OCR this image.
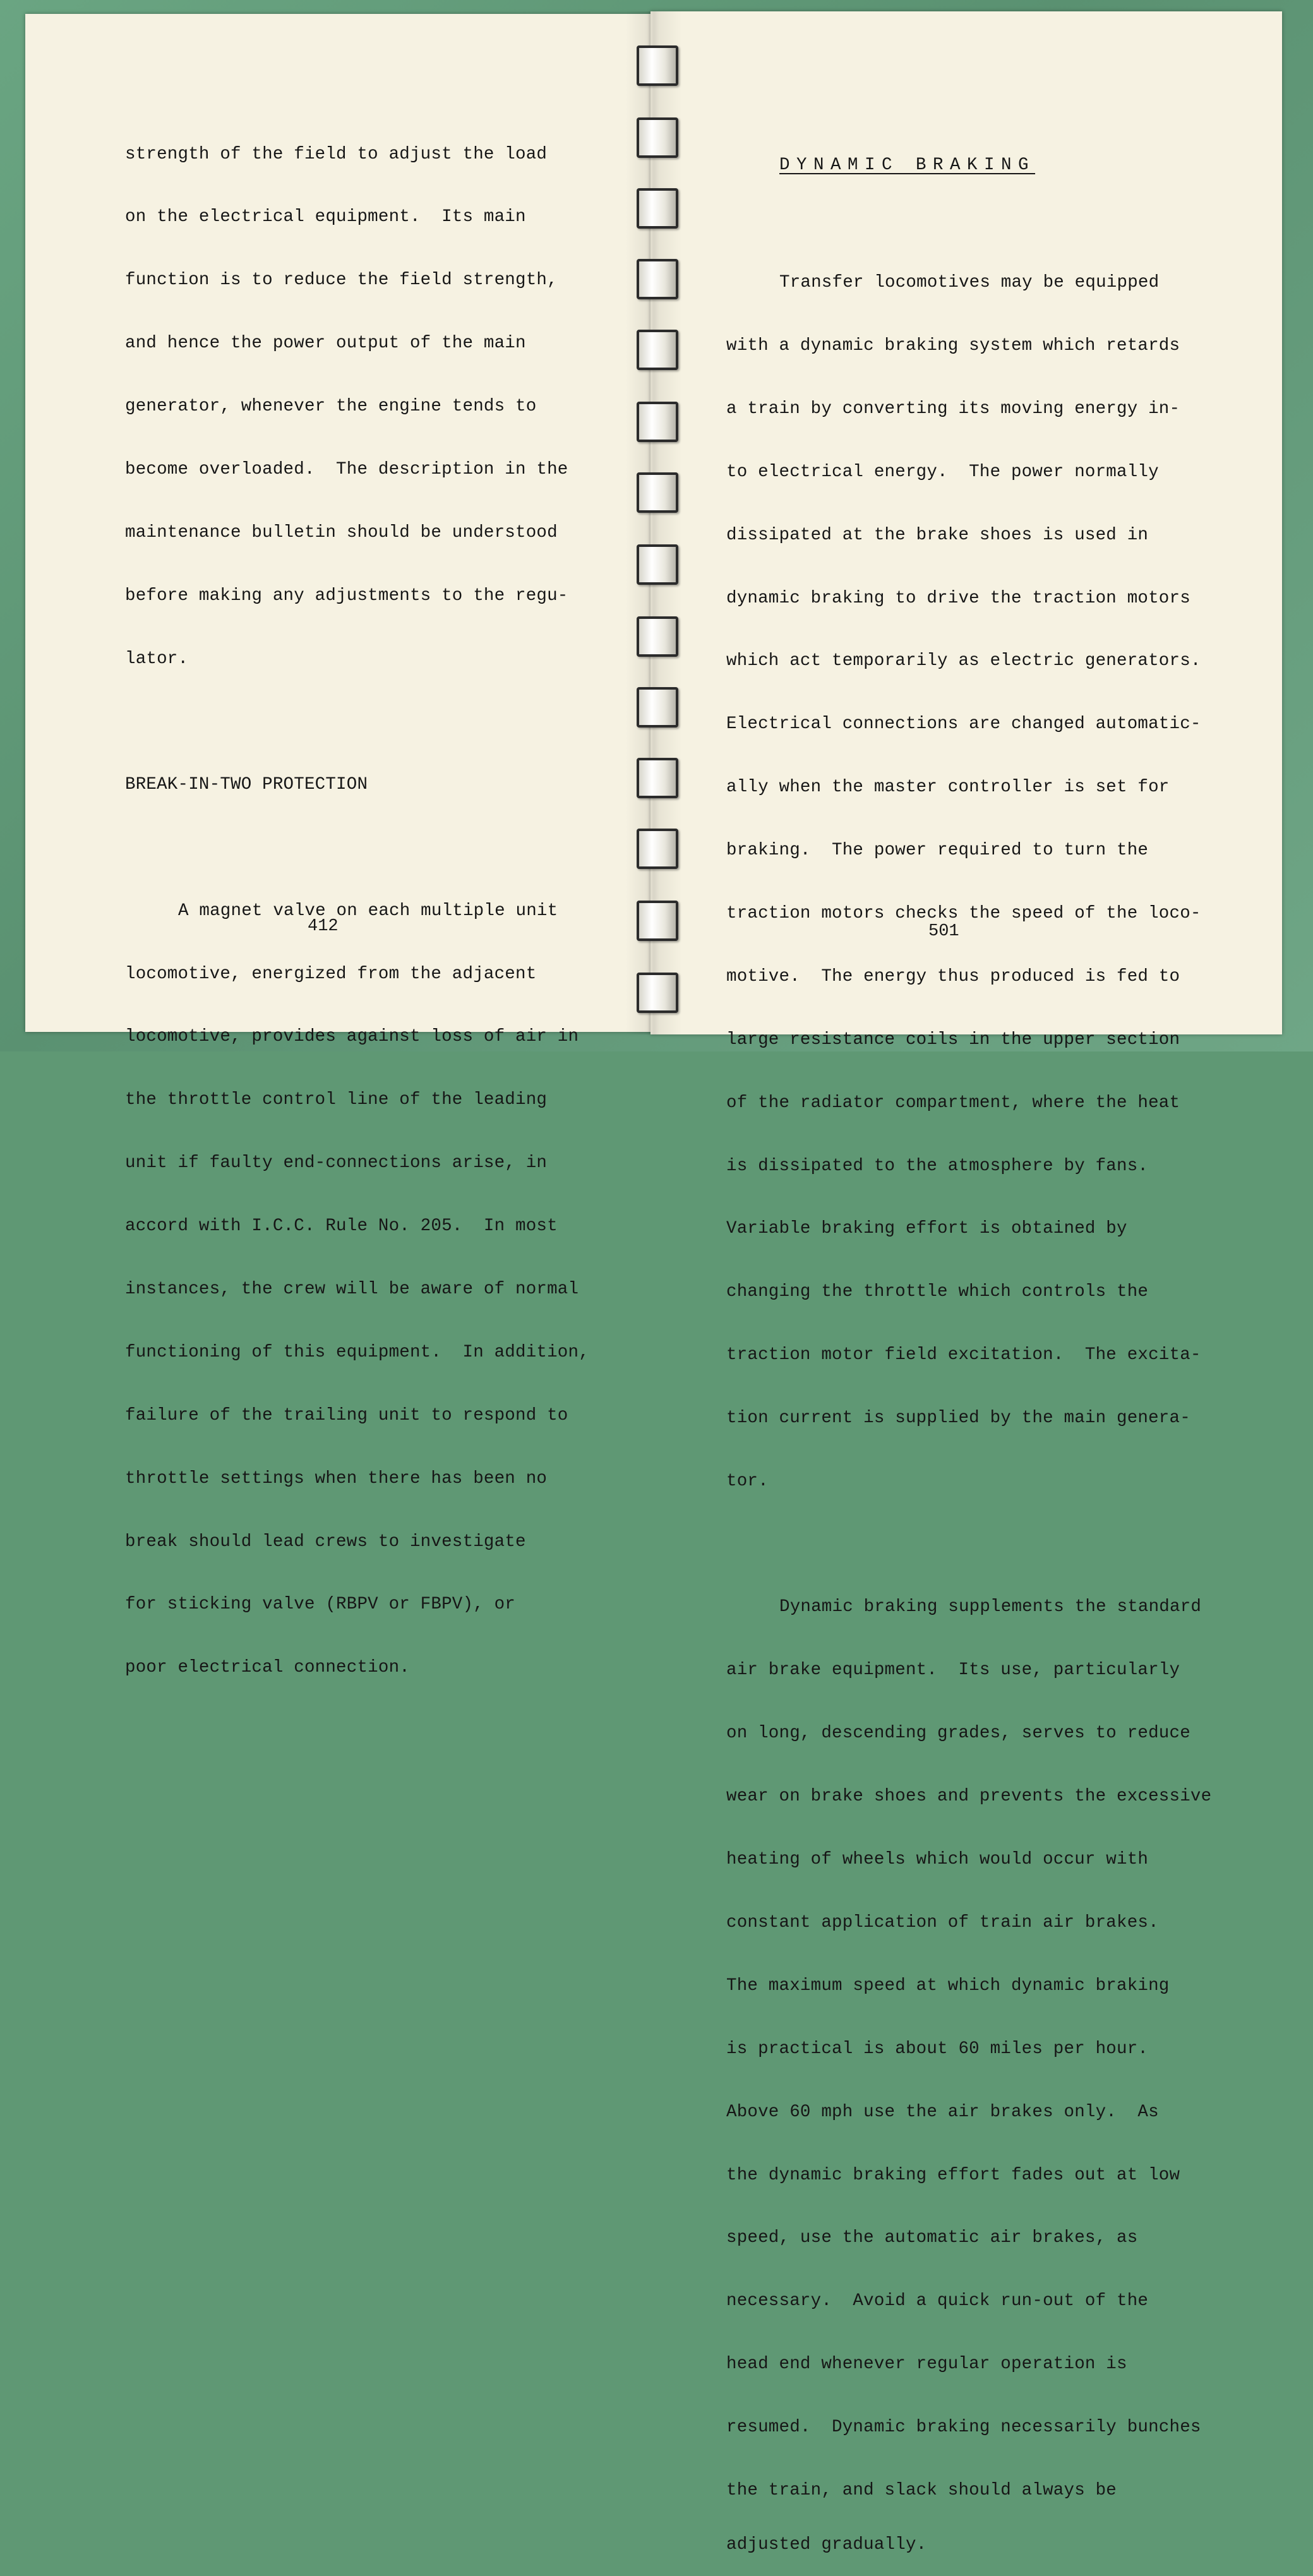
strength of the field to adjust the load

on the electrical equipment.  Its main

function is to reduce the field strength,

and hence the power output of the main

generator, whenever the engine tends to

become overloaded.  The description in the

maintenance bulletin should be understood

before making any adjustments to the regu-

lator.

BREAK-IN-TWO PROTECTION

A magnet valve on each multiple unit

locomotive, energized from the adjacent

locomotive, provides against loss of air in

the throttle control line of the leading

unit if faulty end-connections arise, in

accord with I.C.C. Rule No. 205.  In most

instances, the crew will be aware of normal

functioning of this equipment.  In addition,

failure of the trailing unit to respond to

throttle settings when there has been no

break should lead crews to investigate

for sticking valve (RBPV or FBPV), or

poor electrical connection.

412

DYNAMIC BRAKING

Transfer locomotives may be equipped

with a dynamic braking system which retards

a train by converting its moving energy in-

to electrical energy.  The power normally

dissipated at the brake shoes is used in

dynamic braking to drive the traction motors

which act temporarily as electric generators.

Electrical connections are changed automatic-

ally when the master controller is set for

braking.  The power required to turn the

traction motors checks the speed of the loco-

motive.  The energy thus produced is fed to

large resistance coils in the upper section

of the radiator compartment, where the heat

is dissipated to the atmosphere by fans.

Variable braking effort is obtained by

changing the throttle which controls the

traction motor field excitation.  The excita-

tion current is supplied by the main genera-

tor.

Dynamic braking supplements the standard

air brake equipment.  Its use, particularly

on long, descending grades, serves to reduce

wear on brake shoes and prevents the excessive

heating of wheels which would occur with

constant application of train air brakes.

The maximum speed at which dynamic braking

is practical is about 60 miles per hour.

Above 60 mph use the air brakes only.  As

the dynamic braking effort fades out at low

speed, use the automatic air brakes, as

necessary.  Avoid a quick run-out of the

head end whenever regular operation is

resumed.  Dynamic braking necessarily bunches

the train, and slack should always be

adjusted gradually.

501
